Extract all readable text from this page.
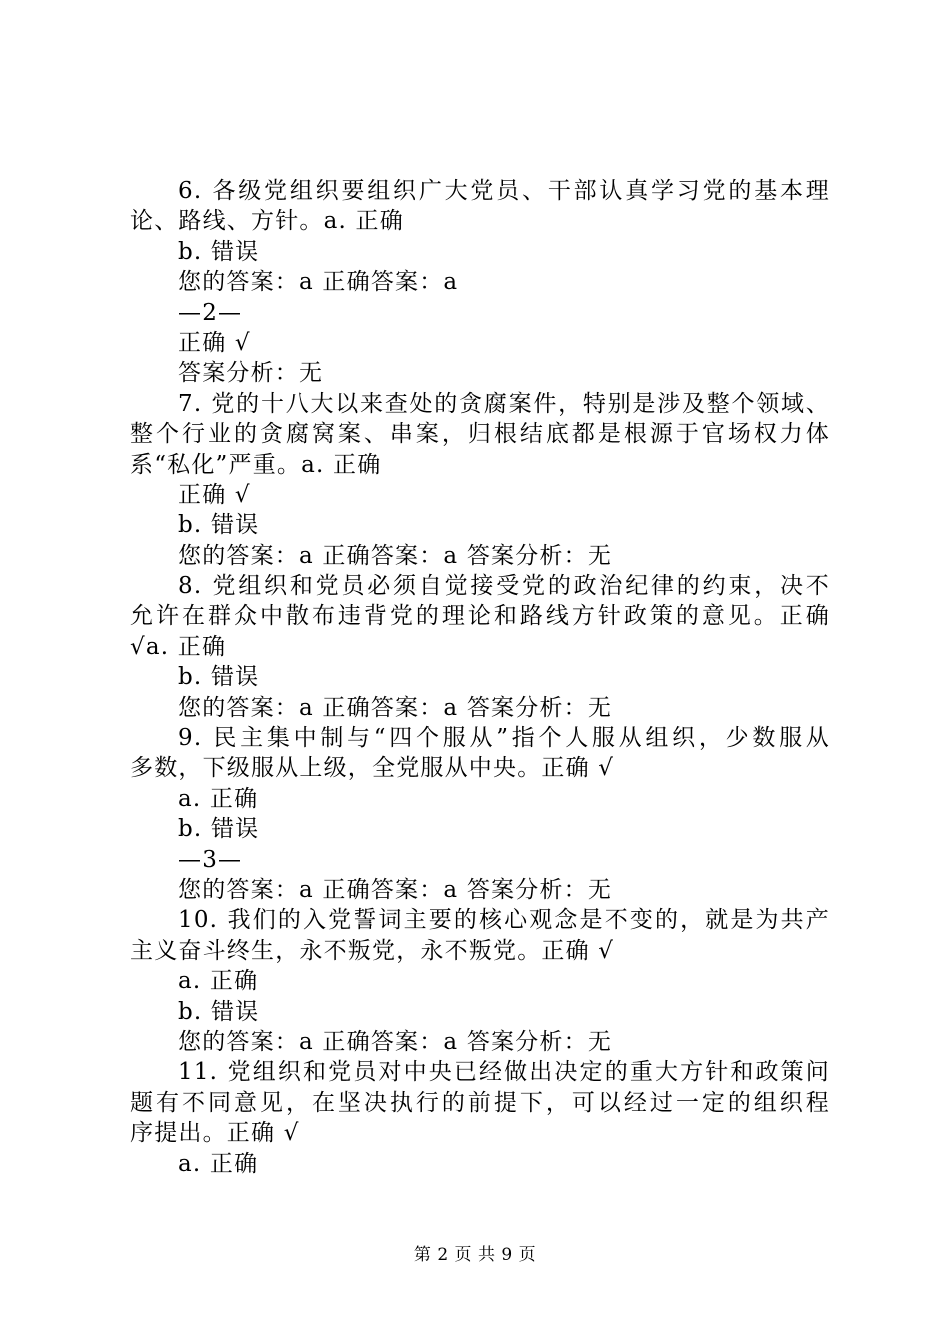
6. 各级党组织要组织广大党员、干部认真学习党的基本理
论、路线、方针。a. 正确
b. 错误
您的答案：a 正确答案：a
—2—
正确 √
答案分析：无
7. 党的十八大以来查处的贪腐案件，特别是涉及整个领域、
整个行业的贪腐窝案、串案，归根结底都是根源于官场权力体
系“私化”严重。a. 正确
正确 √
b. 错误
您的答案：a 正确答案：a 答案分析：无
8. 党组织和党员必须自觉接受党的政治纪律的约束，决不
允许在群众中散布违背党的理论和路线方针政策的意见。正确
√a. 正确
b. 错误
您的答案：a 正确答案：a 答案分析：无
9. 民主集中制与“四个服从”指个人服从组织，少数服从
多数，下级服从上级，全党服从中央。正确 √
a. 正确
b. 错误
—3—
您的答案：a 正确答案：a 答案分析：无
10. 我们的入党誓词主要的核心观念是不变的，就是为共产
主义奋斗终生，永不叛党，永不叛党。正确 √
a. 正确
b. 错误
您的答案：a 正确答案：a 答案分析：无
11. 党组织和党员对中央已经做出决定的重大方针和政策问
题有不同意见，在坚决执行的前提下，可以经过一定的组织程
序提出。正确 √
a. 正确
第 2 页 共 9 页
